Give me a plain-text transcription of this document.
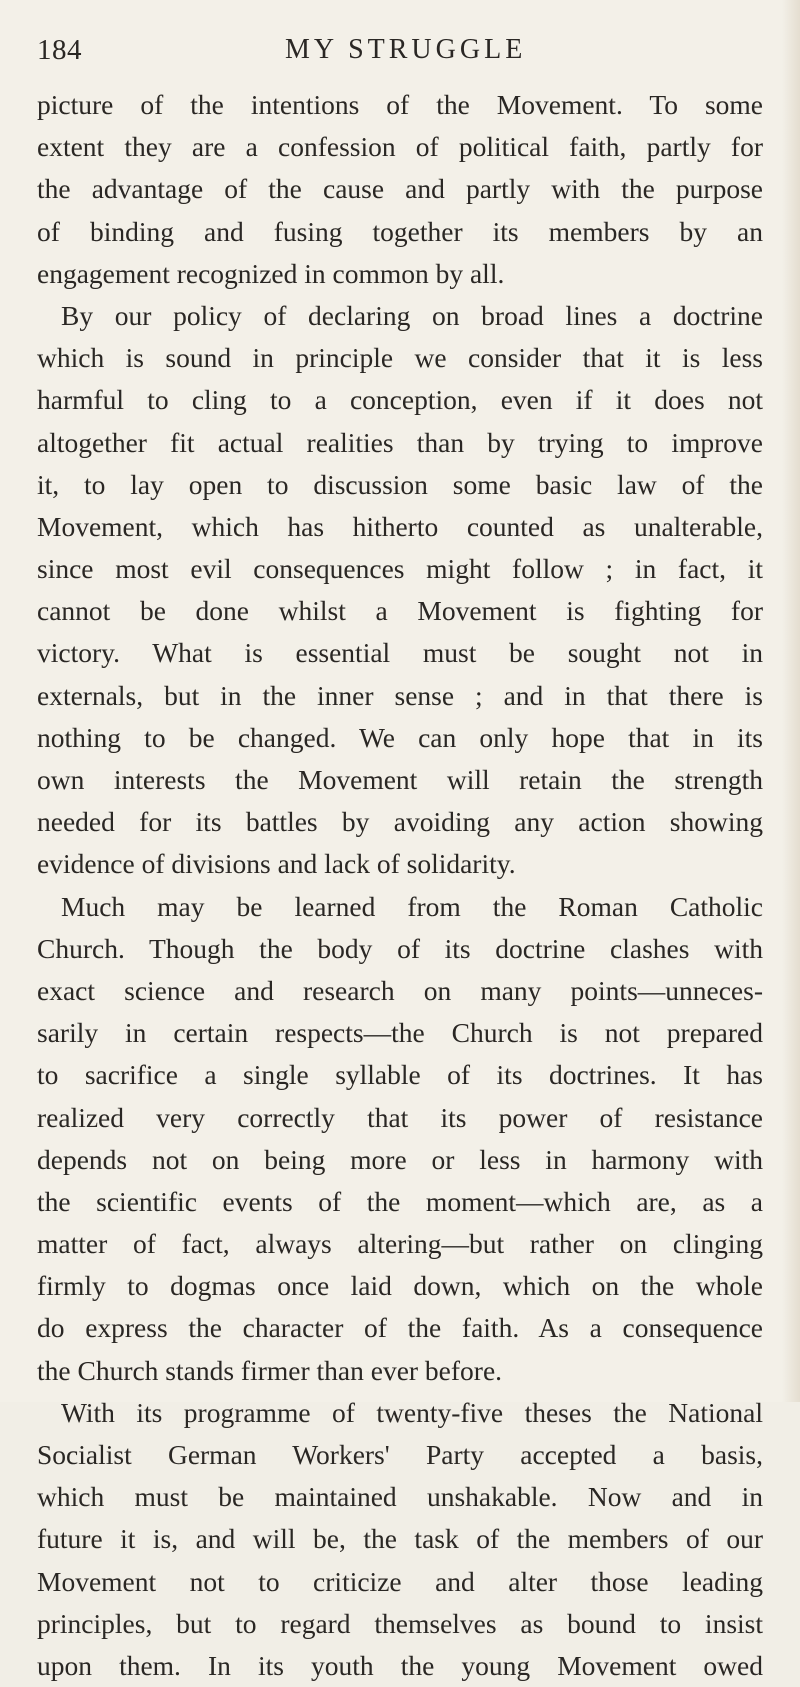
184	MY STRUGGLE
picture of the intentions of the Movement. To some
extent they are a confession of political faith, partly for
the advantage of the cause and partly with the purpose
of binding and fusing together its members by an
engagement recognized in common by all.
By our policy of declaring on broad lines a doctrine
which is sound in principle we consider that it is less
harmful to cling to a conception, even if it does not
altogether fit actual realities than by trying to improve
it, to lay open to discussion some basic law of the
Movement, which has hitherto counted as unalterable,
since most evil consequences might follow ; in fact, it
cannot be done whilst a Movement is fighting for
victory. What is essential must be sought not in
externals, but in the inner sense ; and in that there is
nothing to be changed. We can only hope that in its
own interests the Movement will retain the strength
needed for its battles by avoiding any action showing
evidence of divisions and lack of solidarity.
Much may be learned from the Roman Catholic
Church. Though the body of its doctrine clashes with
exact science and research on many points—unneces-
sarily in certain respects—the Church is not prepared
to sacrifice a single syllable of its doctrines. It has
realized very correctly that its power of resistance
depends not on being more or less in harmony with
the scientific events of the moment—which are, as a
matter of fact, always altering—but rather on clinging
firmly to dogmas once laid down, which on the whole
do express the character of the faith. As a consequence
the Church stands firmer than ever before.
With its programme of twenty-five theses the National
Socialist German Workers' Party accepted a basis,
which must be maintained unshakable. Now and in
future it is, and will be, the task of the members of our
Movement not to criticize and alter those leading
principles, but to regard themselves as bound to insist
upon them. In its youth the young Movement owed
